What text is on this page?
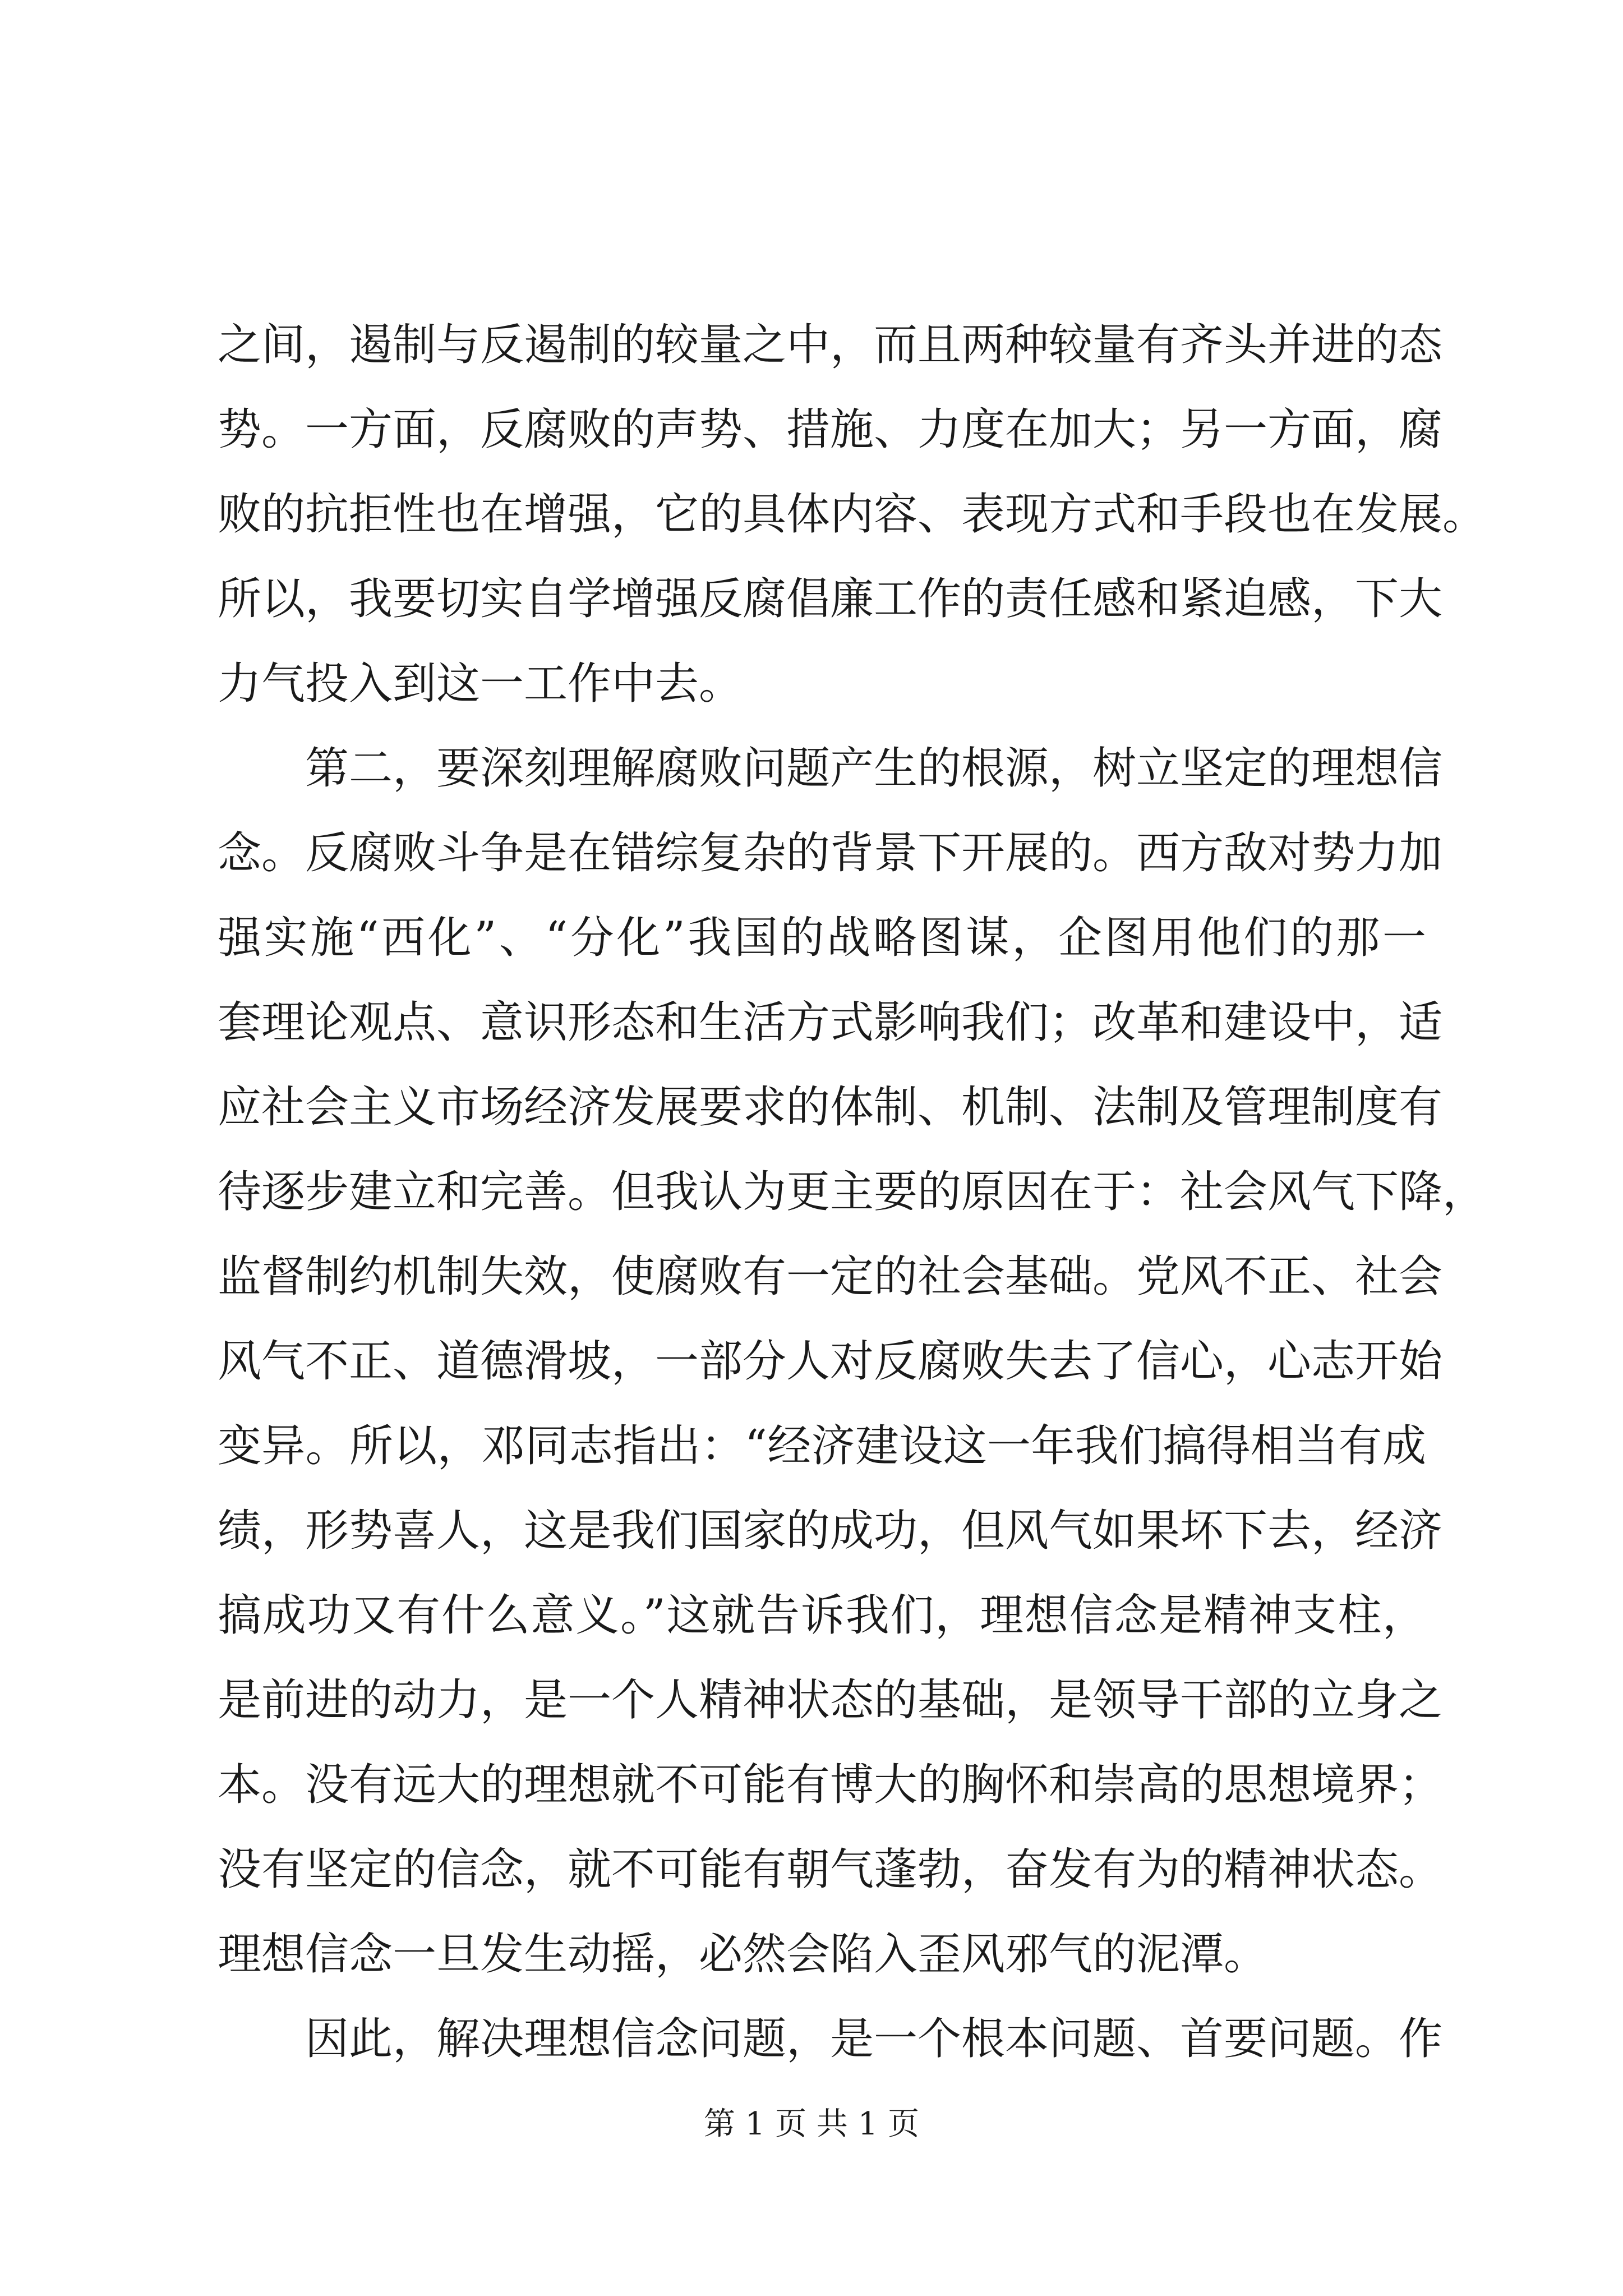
之间，遏制与反遏制的较量之中，而且两种较量有齐头并进的态
势。一方面，反腐败的声势、措施、力度在加大；另一方面，腐
败的抗拒性也在增强，它的具体内容、表现方式和手段也在发展。
所以，我要切实自学增强反腐倡廉工作的责任感和紧迫感，下大
力气投入到这一工作中去。
第二，要深刻理解腐败问题产生的根源，树立坚定的理想信
念。反腐败斗争是在错综复杂的背景下开展的。西方敌对势力加
强实施“西化”、“分化”我国的战略图谋，企图用他们的那一
套理论观点、意识形态和生活方式影响我们；改革和建设中，适
应社会主义市场经济发展要求的体制、机制、法制及管理制度有
待逐步建立和完善。但我认为更主要的原因在于：社会风气下降，
监督制约机制失效，使腐败有一定的社会基础。党风不正、社会
风气不正、道德滑坡，一部分人对反腐败失去了信心，心志开始
变异。所以，邓同志指出：“经济建设这一年我们搞得相当有成
绩，形势喜人，这是我们国家的成功，但风气如果坏下去，经济
搞成功又有什么意义。”这就告诉我们，理想信念是精神支柱，
是前进的动力，是一个人精神状态的基础，是领导干部的立身之
本。没有远大的理想就不可能有博大的胸怀和崇高的思想境界；
没有坚定的信念，就不可能有朝气蓬勃，奋发有为的精神状态。
理想信念一旦发生动摇，必然会陷入歪风邪气的泥潭。
因此，解决理想信念问题，是一个根本问题、首要问题。作
第 1 页 共 1 页
